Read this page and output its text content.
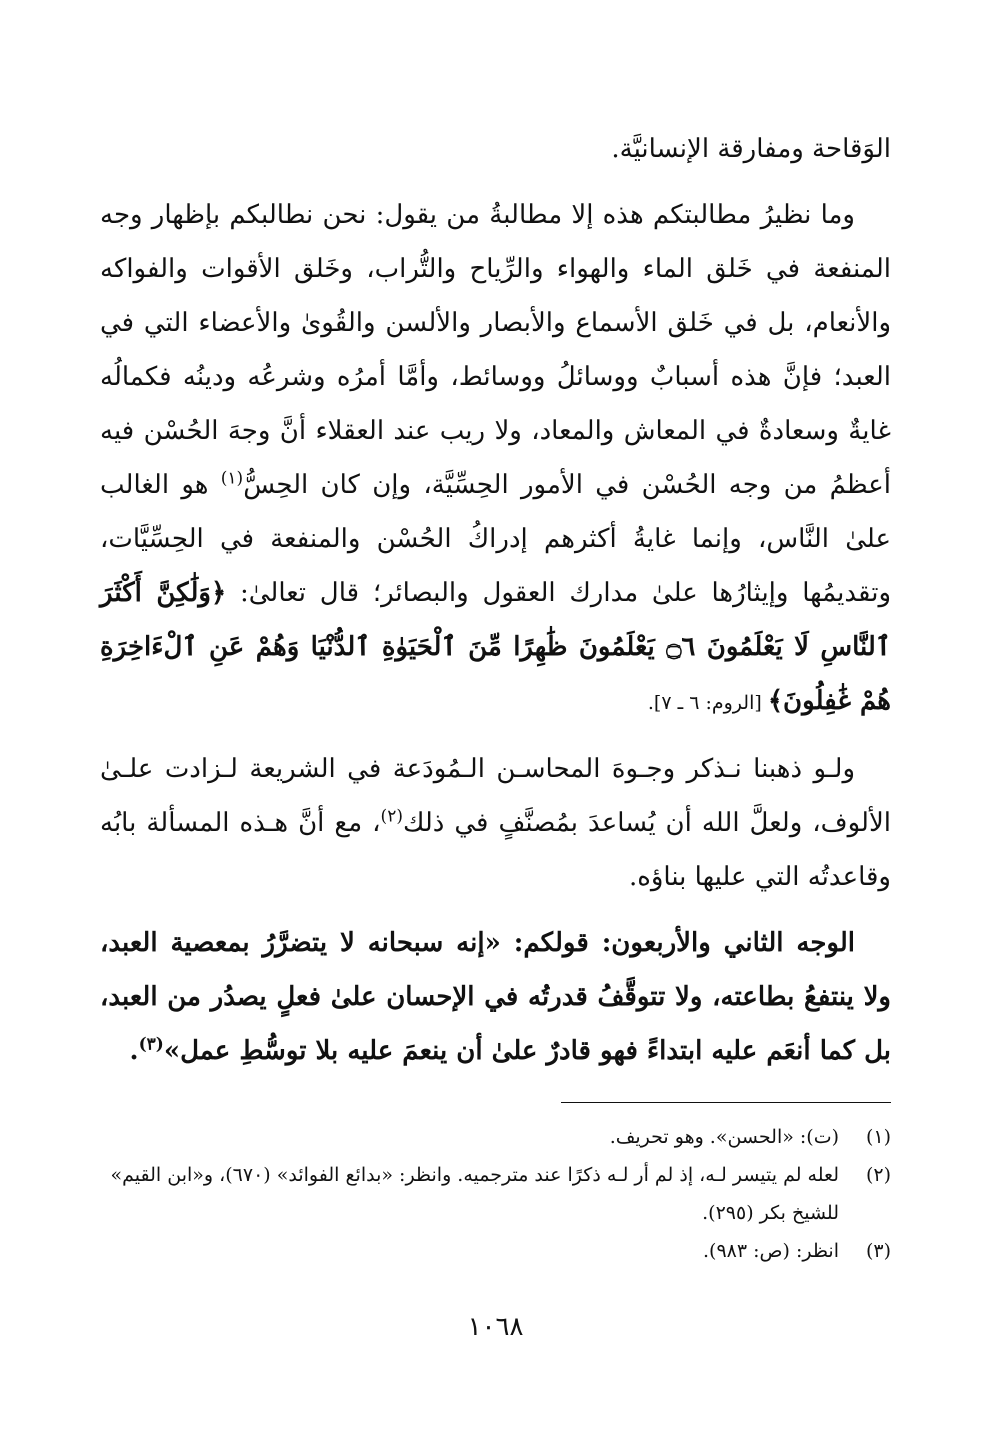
الوَقاحة ومفارقة الإنسانيَّة.

وما نظيرُ مطالبتكم هذه إلا مطالبةُ من يقول: نحن نطالبكم بإظهار وجه المنفعة في خَلق الماء والهواء والرِّياح والتُّراب، وخَلق الأقوات والفواكه والأنعام، بل في خَلق الأسماع والأبصار والألسن والقُوىٰ والأعضاء التي في العبد؛ فإنَّ هذه أسبابٌ ووسائلُ ووسائط، وأمَّا أمرُه وشرعُه ودينُه فكمالُه غايةٌ وسعادةٌ في المعاش والمعاد، ولا ريب عند العقلاء أنَّ وجهَ الحُسْن فيه أعظمُ من وجه الحُسْن في الأمور الحِسِّيَّة، وإن كان الحِسُّ$^{(١)}$ هو الغالب علىٰ النَّاس، وإنما غايةُ أكثرهم إدراكُ الحُسْن والمنفعة في الحِسِّيَّات، وتقديمُها وإيثارُها علىٰ مدارك العقول والبصائر؛ قال تعالىٰ: ﴿وَلَٰكِنَّ أَكْثَرَ ٱلنَّاسِ لَا يَعْلَمُونَ ۝٦ يَعْلَمُونَ ظَٰهِرًا مِّنَ ٱلْحَيَوٰةِ ٱلدُّنْيَا وَهُمْ عَنِ ٱلْءَاخِرَةِ هُمْ غَٰفِلُونَ﴾ [الروم: ٦ ـ ٧].

ولـو ذهبنا نـذكر وجـوهَ المحاسـن الـمُودَعة في الشريعة لـزادت علـىٰ الألوف، ولعلَّ الله أن يُساعدَ بمُصنَّفٍ في ذلك$^{(٢)}$، مع أنَّ هـذه المسألة بابُه وقاعدتُه التي عليها بناؤه.

الوجه الثاني والأربعون: قولكم: «إنه سبحانه لا يتضرَّرُ بمعصية العبد، ولا ينتفعُ بطاعته، ولا تتوقَّفُ قدرتُه في الإحسان علىٰ فعلٍ يصدُر من العبد، بل كما أنعَم عليه ابتداءً فهو قادرٌ علىٰ أن ينعمَ عليه بلا توسُّطِ عمل»$^{(٣)}$.

(١)
(ت): «الحسن». وهو تحريف.
(٢)
لعله لم يتيسر لـه، إذ لم أر لـه ذكرًا عند مترجميه. وانظر: «بدائع الفوائد» (٦٧٠)، و«ابن القيم» للشيخ بكر (٢٩٥).
(٣)
انظر: (ص: ٩٨٣).
١٠٦٨
